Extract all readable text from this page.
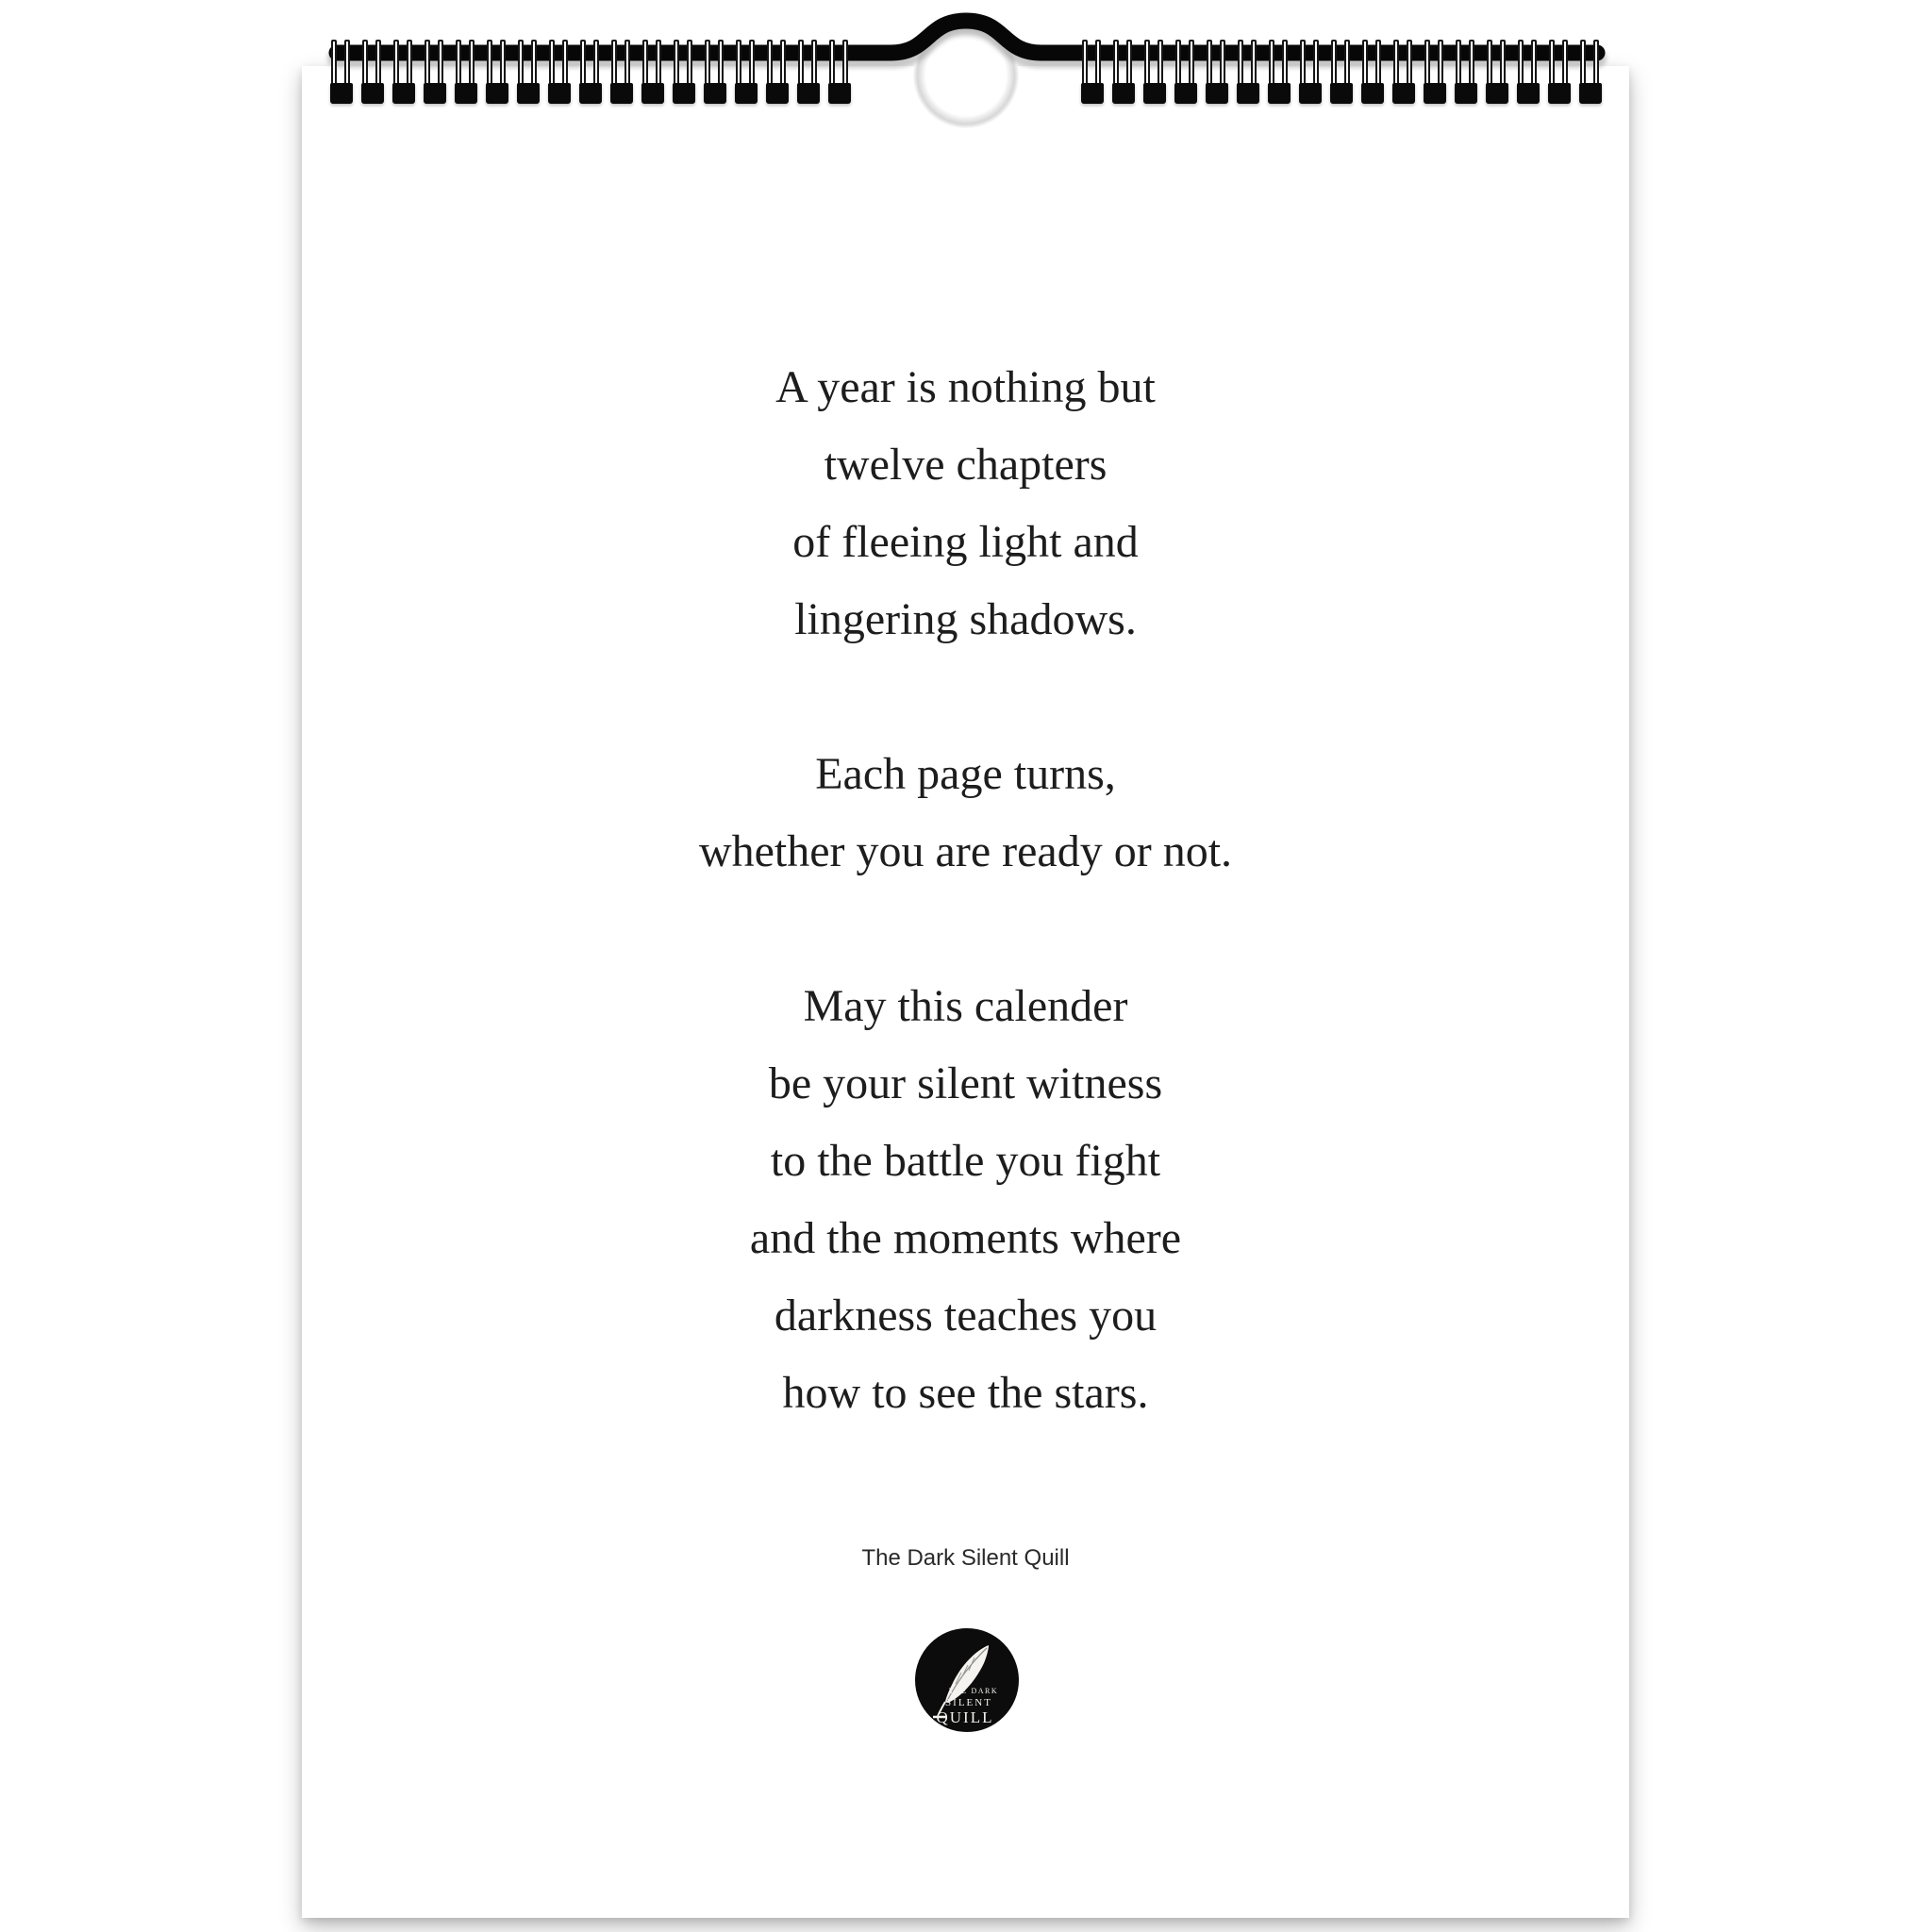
A year is nothing but
twelve chapters
of fleeing light and
lingering shadows.

Each page turns,
whether you are ready or not.

May this calender
be your silent witness
to the battle you fight
and the moments where
darkness teaches you
how to see the stars.

The Dark Silent Quill
THE DARK
SILENT
QUILL
